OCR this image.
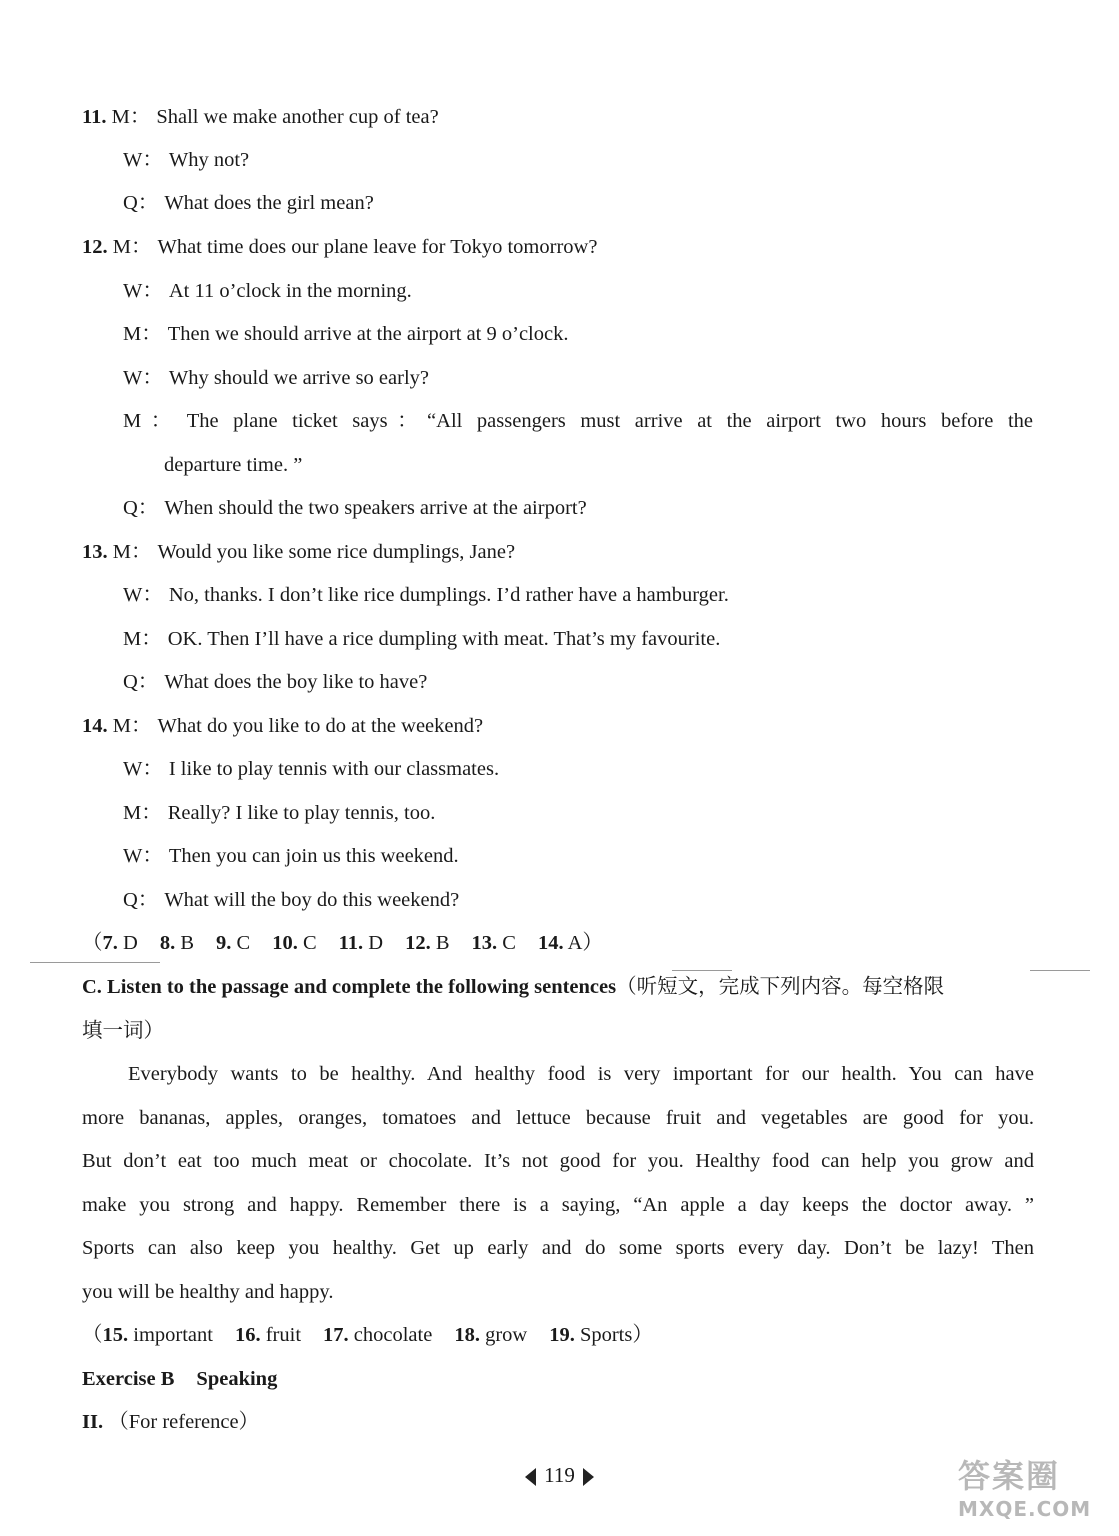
11. M： Shall we make another cup of tea?
W： Why not?
Q： What does the girl mean?
12. M： What time does our plane leave for Tokyo tomorrow?
W： At 11 o’clock in the morning.
M： Then we should arrive at the airport at 9 o’clock.
W： Why should we arrive so early?
M： The plane ticket says：“All passengers must arrive at the airport two hours before the
departure time. ”
Q： When should the two speakers arrive at the airport?
13. M： Would you like some rice dumplings, Jane?
W： No, thanks. I don’t like rice dumplings. I’d rather have a hamburger.
M： OK. Then I’ll have a rice dumpling with meat. That’s my favourite.
Q： What does the boy like to have?
14. M： What do you like to do at the weekend?
W： I like to play tennis with our classmates.
M： Really? I like to play tennis, too.
W： Then you can join us this weekend.
Q： What will the boy do this weekend?
（7. D 8. B 9. C 10. C 11. D 12. B 13. C 14. A）
C. Listen to the passage and complete the following sentences（听短文，完成下列内容。每空格限
填一词）
Everybody wants to be healthy. And healthy food is very important for our health. You can have
more bananas, apples, oranges, tomatoes and lettuce because fruit and vegetables are good for you.
But don’t eat too much meat or chocolate. It’s not good for you. Healthy food can help you grow and
make you strong and happy. Remember there is a saying, “An apple a day keeps the doctor away. ”
Sports can also keep you healthy. Get up early and do some sports every day. Don’t be lazy! Then
you will be healthy and happy.
（15. important 16. fruit 17. chocolate 18. grow 19. Sports）
Exercise B Speaking
II. （For reference）
119	答案圈
MXQE.COM
